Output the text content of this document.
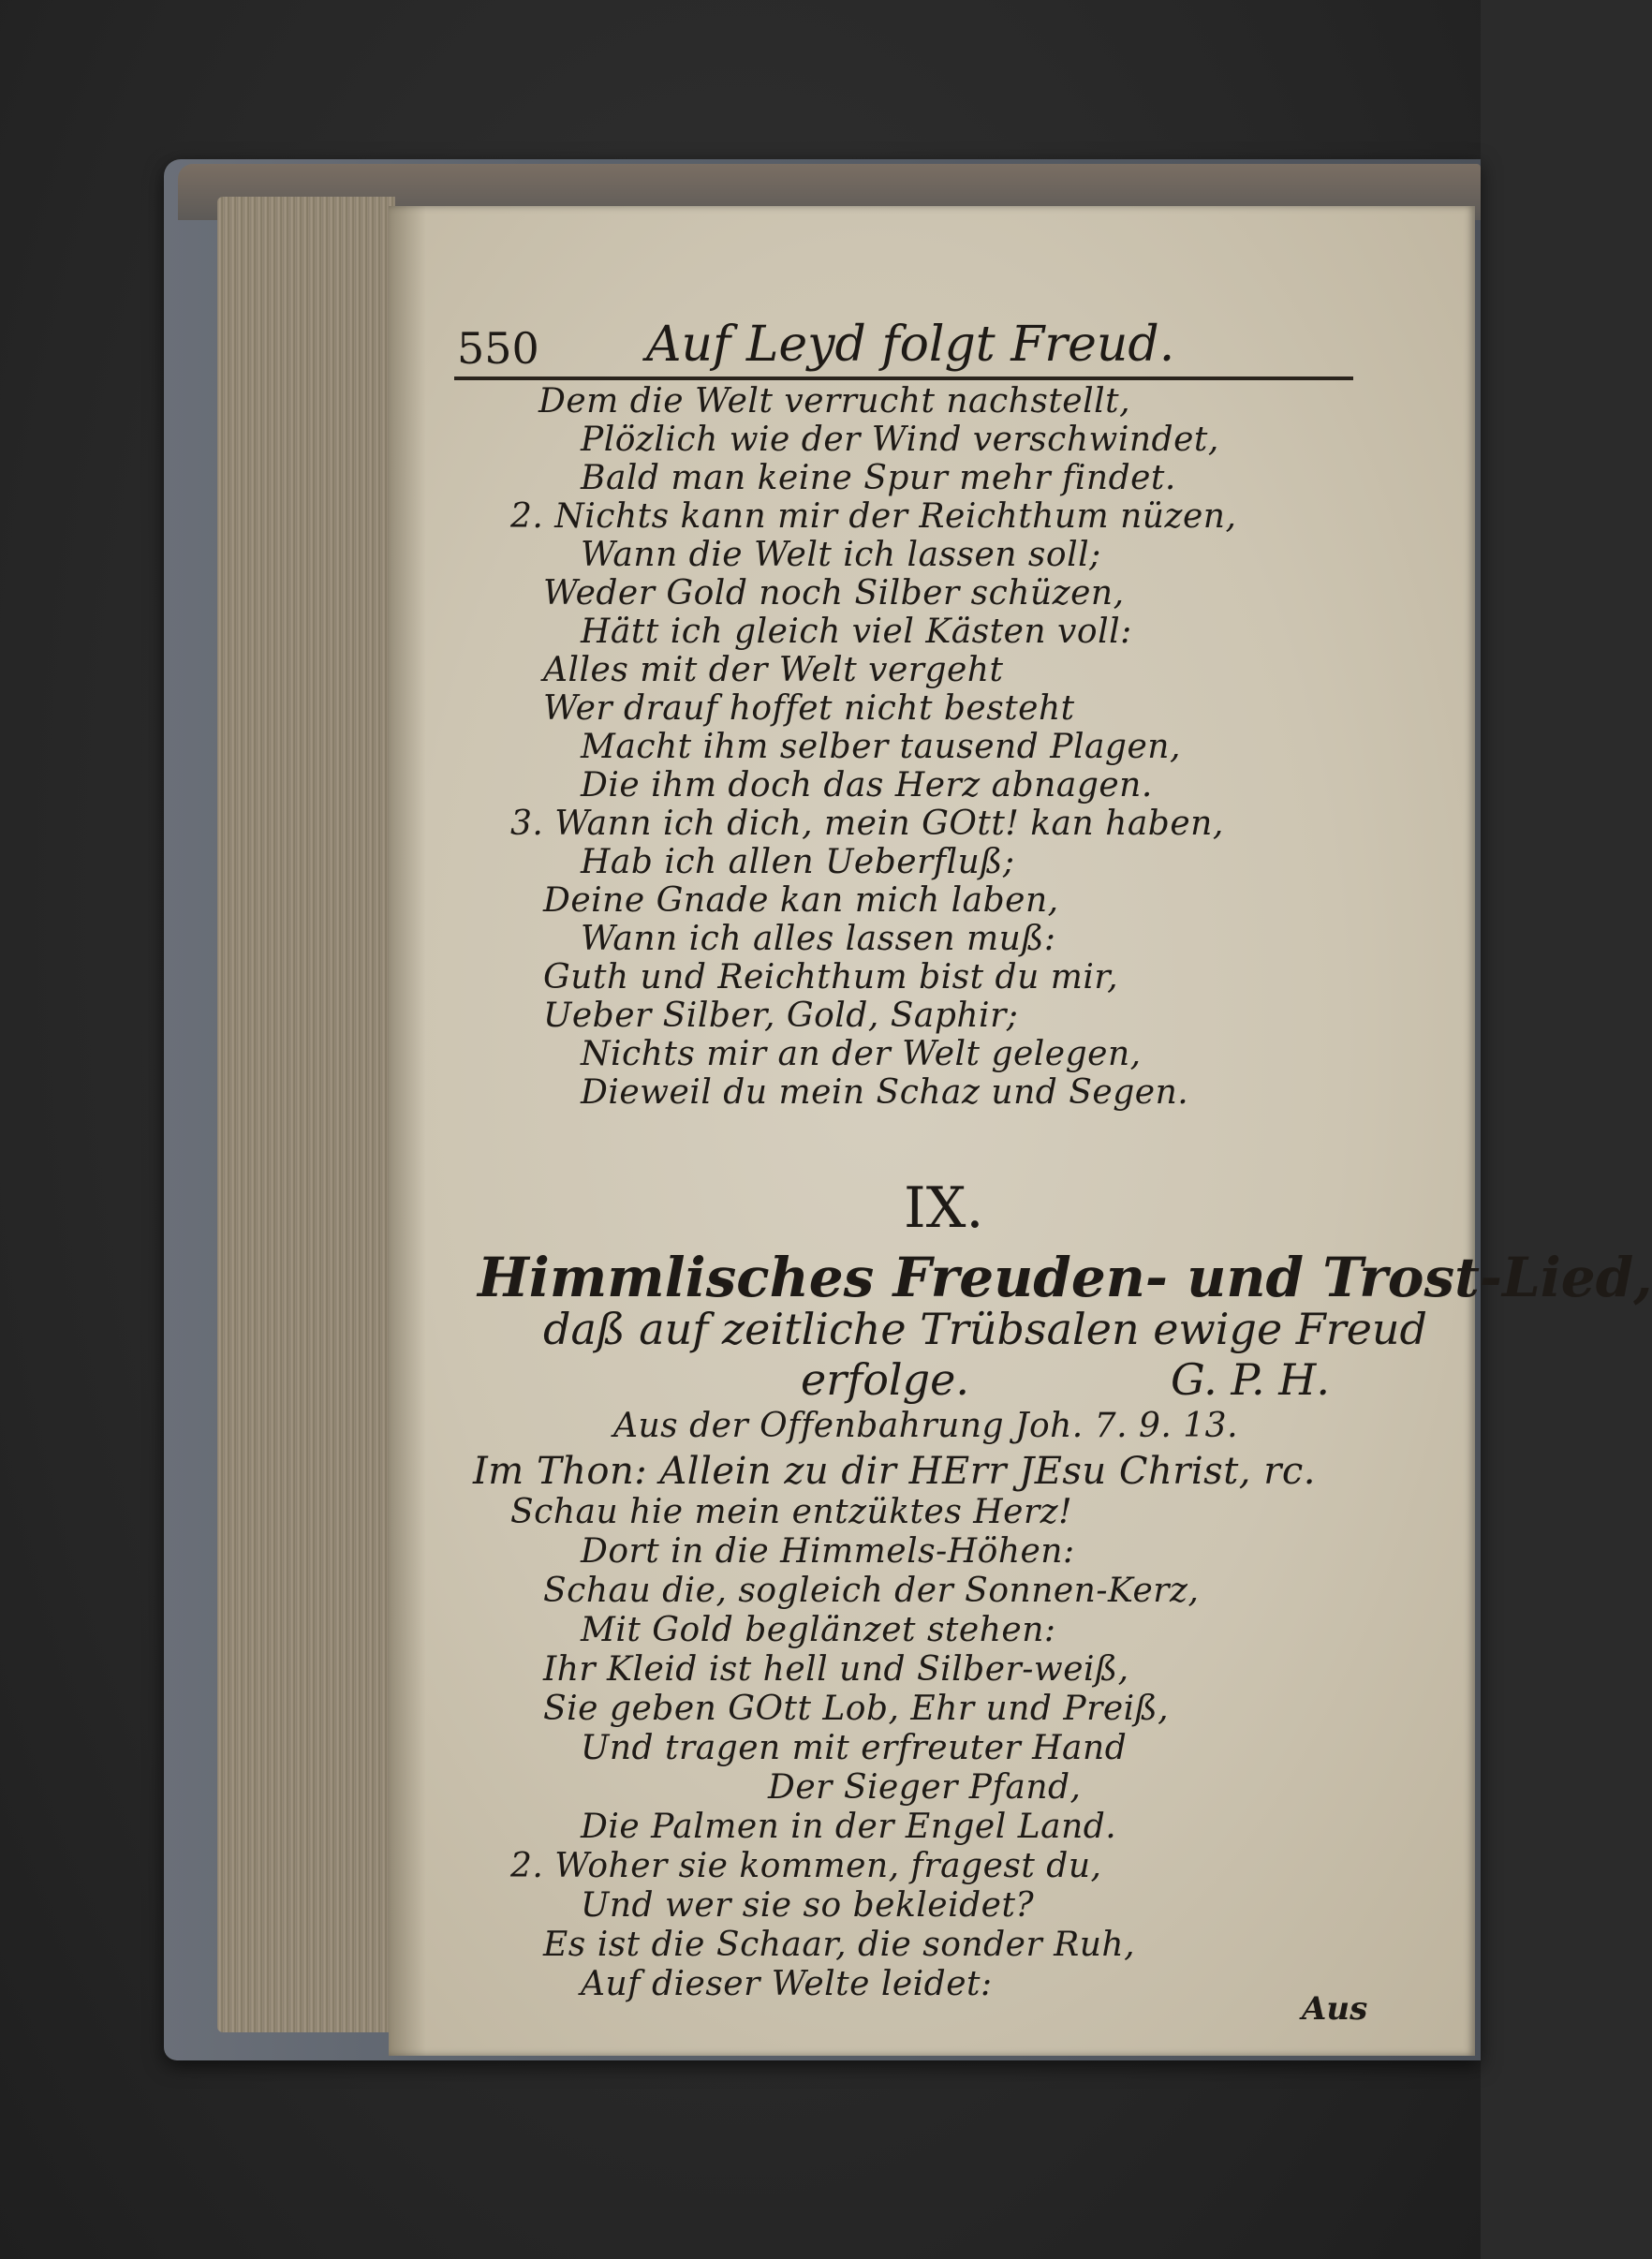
550 Auf Leyd folgt Freud.
Dem die Welt verrucht nachstellt,
Plözlich wie der Wind verschwindet,
Bald man keine Spur mehr findet.
2. Nichts kann mir der Reichthum nüzen,
Wann die Welt ich lassen soll;
Weder Gold noch Silber schüzen,
Hätt ich gleich viel Kästen voll:
Alles mit der Welt vergeht
Wer drauf hoffet nicht besteht
Macht ihm selber tausend Plagen,
Die ihm doch das Herz abnagen.
3. Wann ich dich, mein GOtt! kan haben,
Hab ich allen Ueberfluß;
Deine Gnade kan mich laben,
Wann ich alles lassen muß:
Guth und Reichthum bist du mir,
Ueber Silber, Gold, Saphir;
Nichts mir an der Welt gelegen,
Dieweil du mein Schaz und Segen.
IX.
Himmlisches Freuden- und Trost-Lied,
daß auf zeitliche Trübsalen ewige Freud
erfolge.	G. P. H.
Aus der Offenbahrung Joh. 7. 9. 13.
Im Thon: Allein zu dir HErr JEsu Christ, rc.
Schau hie mein entzüktes Herz!
Dort in die Himmels-Höhen:
Schau die, sogleich der Sonnen-Kerz,
Mit Gold beglänzet stehen:
Ihr Kleid ist hell und Silber-weiß,
Sie geben GOtt Lob, Ehr und Preiß,
Und tragen mit erfreuter Hand
Der Sieger Pfand,
Die Palmen in der Engel Land.
2. Woher sie kommen, fragest du,
Und wer sie so bekleidet?
Es ist die Schaar, die sonder Ruh,
Auf dieser Welte leidet:
Aus
